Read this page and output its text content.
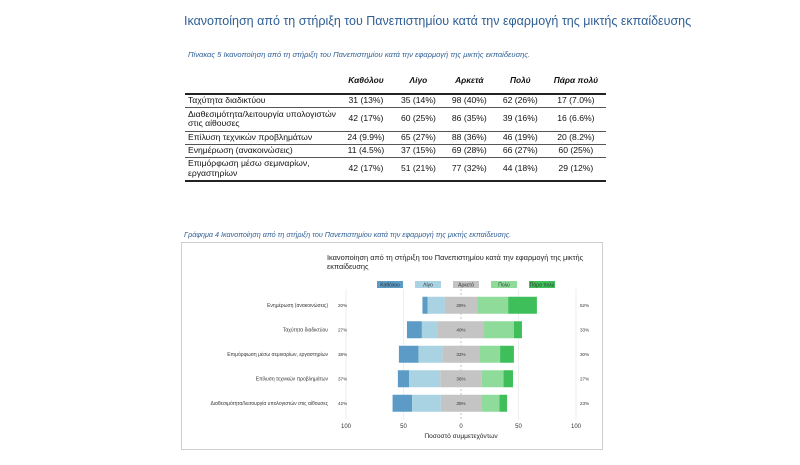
Ικανοποίηση από τη στήριξη του Πανεπιστημίου κατά την εφαρμογή της μικτής εκπαίδευσης
Πίνακας 5 Ικανοποίηση από τη στήριξη του Πανεπιστημίου κατά την εφαρμογή της μικτής εκπαίδευσης.
	Καθόλου	Λίγο	Αρκετά	Πολύ	Πάρα πολύ
Ταχύτητα διαδικτύου	31 (13%)	35 (14%)	98 (40%)	62 (26%)	17 (7.0%)
Διαθεσιμότητα/λειτουργία υπολογιστών στις αίθουσες	42 (17%)	60 (25%)	86 (35%)	39 (16%)	16 (6.6%)
Επίλυση τεχνικών προβλημάτων	24 (9.9%)	65 (27%)	88 (36%)	46 (19%)	20 (8.2%)
Ενημέρωση (ανακοινώσεις)	11 (4.5%)	37 (15%)	69 (28%)	66 (27%)	60 (25%)
Επιμόρφωση μέσω σεμιναρίων, εργαστηρίων	42 (17%)	51 (21%)	77 (32%)	44 (18%)	29 (12%)
Γράφημα 4 Ικανοποίηση από τη στήριξη του Πανεπιστημίου κατά την εφαρμογή της μικτής εκπαίδευσης.
Ικανοποίηση από τη στήριξη του Πανεπιστημίου κατά την εφαρμογή της μικτής εκπαίδευσης
100	50	0	50	100
Ποσοστό συμμετεχόντων
Καθόλου	Λίγο	Αρκετά	Πολύ	Πάρα πολύ
Ενημέρωση (ανακοινώσεις) 20%	28%	52%
Ταχύτητα διαδικτύου 27%	40%	33%
Επιμόρφωση μέσω σεμιναρίων, εργαστηρίων 38%	32%	30%
Επίλυση τεχνικών προβλημάτων 37%	36%	27%
Διαθεσιμότητα/λειτουργία υπολογιστών στις αίθουσες 42%	35%	23%
